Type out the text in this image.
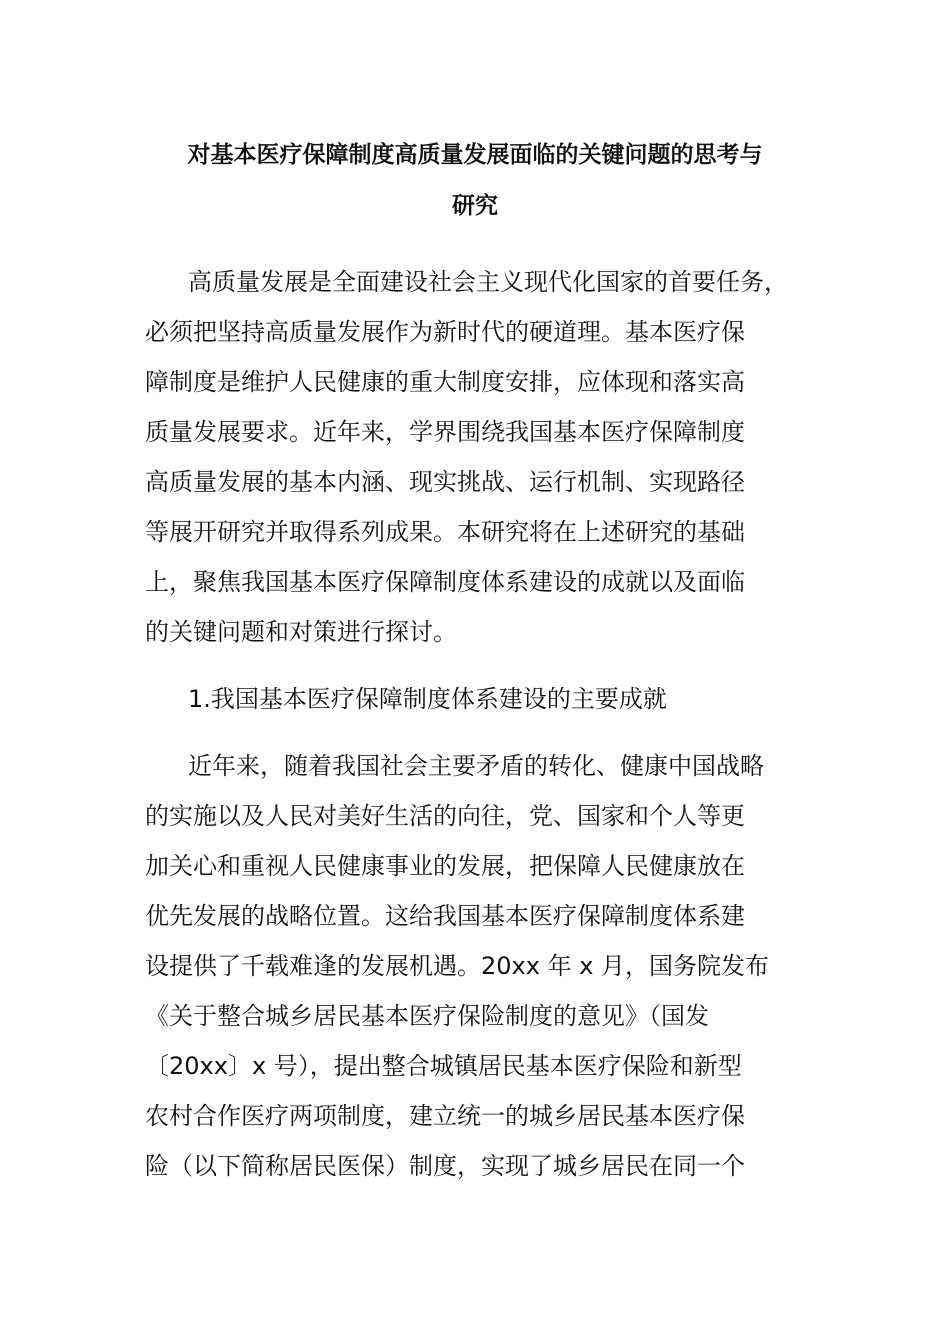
对基本医疗保障制度高质量发展面临的关键问题的思考与
研究
高质量发展是全面建设社会主义现代化国家的首要任务，
必须把坚持高质量发展作为新时代的硬道理。基本医疗保
障制度是维护人民健康的重大制度安排，应体现和落实高
质量发展要求。近年来，学界围绕我国基本医疗保障制度
高质量发展的基本内涵、现实挑战、运行机制、实现路径
等展开研究并取得系列成果。本研究将在上述研究的基础
上，聚焦我国基本医疗保障制度体系建设的成就以及面临
的关键问题和对策进行探讨。
1.我国基本医疗保障制度体系建设的主要成就
近年来，随着我国社会主要矛盾的转化、健康中国战略
的实施以及人民对美好生活的向往，党、国家和个人等更
加关心和重视人民健康事业的发展，把保障人民健康放在
优先发展的战略位置。这给我国基本医疗保障制度体系建
设提供了千载难逢的发展机遇。20xx 年 x 月，国务院发布
《关于整合城乡居民基本医疗保险制度的意见》（国发
〔20xx〕x 号），提出整合城镇居民基本医疗保险和新型
农村合作医疗两项制度，建立统一的城乡居民基本医疗保
险（以下简称居民医保）制度，实现了城乡居民在同一个
